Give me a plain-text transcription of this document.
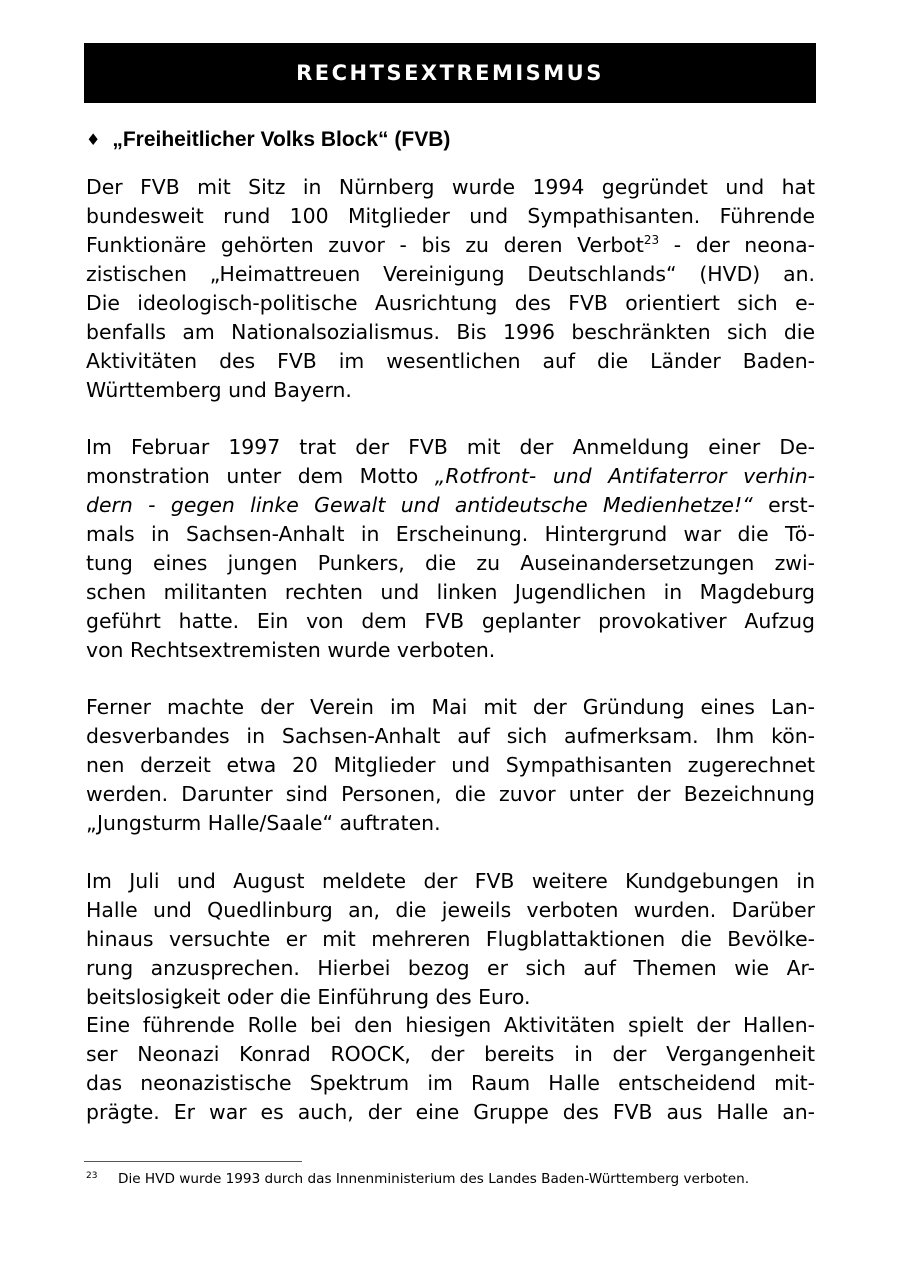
RECHTSEXTREMISMUS
♦ „Freiheitlicher Volks Block“ (FVB)
Der FVB mit Sitz in Nürnberg wurde 1994 gegründet und hat
bundesweit rund 100 Mitglieder und Sympathisanten. Führende
Funktionäre gehörten zuvor - bis zu deren Verbot$^{23}$ - der neona-
zistischen „Heimattreuen Vereinigung Deutschlands“ (HVD) an.
Die ideologisch-politische Ausrichtung des FVB orientiert sich e-
benfalls am Nationalsozialismus. Bis 1996 beschränkten sich die
Aktivitäten des FVB im wesentlichen auf die Länder Baden-
Württemberg und Bayern.
Im Februar 1997 trat der FVB mit der Anmeldung einer De-
monstration unter dem Motto „Rotfront- und Antifaterror verhin-
dern - gegen linke Gewalt und antideutsche Medienhetze!“ erst-
mals in Sachsen-Anhalt in Erscheinung. Hintergrund war die Tö-
tung eines jungen Punkers, die zu Auseinandersetzungen zwi-
schen militanten rechten und linken Jugendlichen in Magdeburg
geführt hatte. Ein von dem FVB geplanter provokativer Aufzug
von Rechtsextremisten wurde verboten.
Ferner machte der Verein im Mai mit der Gründung eines Lan-
desverbandes in Sachsen-Anhalt auf sich aufmerksam. Ihm kön-
nen derzeit etwa 20 Mitglieder und Sympathisanten zugerechnet
werden. Darunter sind Personen, die zuvor unter der Bezeichnung
„Jungsturm Halle/Saale“ auftraten.
Im Juli und August meldete der FVB weitere Kundgebungen in
Halle und Quedlinburg an, die jeweils verboten wurden. Darüber
hinaus versuchte er mit mehreren Flugblattaktionen die Bevölke-
rung anzusprechen. Hierbei bezog er sich auf Themen wie Ar-
beitslosigkeit oder die Einführung des Euro.
Eine führende Rolle bei den hiesigen Aktivitäten spielt der Hallen-
ser Neonazi Konrad ROOCK, der bereits in der Vergangenheit
das neonazistische Spektrum im Raum Halle entscheidend mit-
prägte. Er war es auch, der eine Gruppe des FVB aus Halle an-
23 Die HVD wurde 1993 durch das Innenministerium des Landes Baden-Württemberg verboten.
